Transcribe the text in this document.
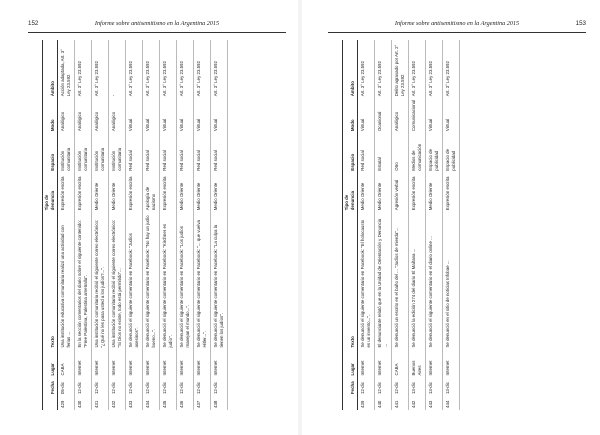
152	Informe sobre antisemitismo en la Argentina 2015
	Fecha	Lugar	Texto	Tipo de denuncia	Espacio	Modo	Ámbito
429	05-dic	CABA	Una institución educativa comunitaria realizó una actividad con ferias ...	Expresión escrita	Institución comunitaria	Analógico	Acción adaptada, Art. 3° Ley 23.592
430	12-dic	Internet	En la sección comentarios del diario sobre el siguiente contenido: "Free Palestina, Palestina ametralla".	Expresión escrita	Institución comunitaria	Analógico	Art. 3° Ley 23.592
431	12-dic	Internet	Una institución comunitaria recibió el siguiente correo electrónico: "¿Qué no les pasa usted a los judíos?...".	Medio Oriente	Institución comunitaria	Analógico	Art. 3° Ley 23.592
432	12-dic	Internet	Una institución comunitaria recibió el siguiente correo electrónico: "Si Dios no existe, todo está permitido"...	Medio Oriente	Institución comunitaria	Analógico	-
433	12-dic	Internet	Se denunció el siguiente comentario en Facebook: "Judíos asesinos".	Expresión escrita	Red social	Virtual	Art. 3° Ley 23.592
434	12-dic	Internet	Se denunció el siguiente comentario en Facebook: "No hay un judío bueno...".	Apología de nazismo	Red social	Virtual	Art. 3° Ley 23.592
435	12-dic	Internet	Se denunció el siguiente comentario en Facebook: "Kirchner es judío".	Expresión escrita	Red social	Virtual	Art. 3° Ley 23.592
436	12-dic	Internet	Se denunció el siguiente comentario en Facebook: "Los judíos manejan el mundo...".	Medio Oriente	Red social	Virtual	Art. 3° Ley 23.592
437	12-dic	Internet	Se denunció el siguiente comentario en Facebook: "... que vuelva Hitler...".	Medio Oriente	Red social	Virtual	Art. 3° Ley 23.592
438	12-dic	Internet	Se denunció el siguiente comentario en Facebook: "La culpa la tienen los judíos".	Medio Oriente	Red social	Virtual	Art. 3° Ley 23.592
Informe sobre antisemitismo en la Argentina 2015	153
	Fecha	Lugar	Texto	Tipo de denuncia	Espacio	Modo	Ámbito
439	12-dic	Internet	Se denunció el siguiente comentario en Facebook: "El holocausto es un invento...".	Medio Oriente	Red social	Virtual	Art. 3° Ley 23.592
440	12-dic	Internet	El denunciante relató que en la Unidad de Orientación y Denuncia ...	Medio Oriente	Estatal	Ocasional	Art. 3° Ley 23.592
441	12-dic	CABA	Se denunció un escrito en el baño del ... "Judíos de mierda"...	Agresión verbal	Otro	Analógico	Delito agravado por Art. 2° Ley 23.592
442	13-dic	Buenos Aires	Se denunció la edición 274 del diario El Mañana ...	Expresión escrita	Medios de comunicación	Comunicacional	Art. 3° Ley 23.592
443	13-dic	Internet	Se denunció el siguiente comentario en el diario online ...	Medio Oriente	Espacio de publicidad	Virtual	Art. 3° Ley 23.592
444	13-dic	Internet	Se denunció en el sitio de noticias Infobae ...	Expresión escrita	Espacio de publicidad	Virtual	Art. 3° Ley 23.592
